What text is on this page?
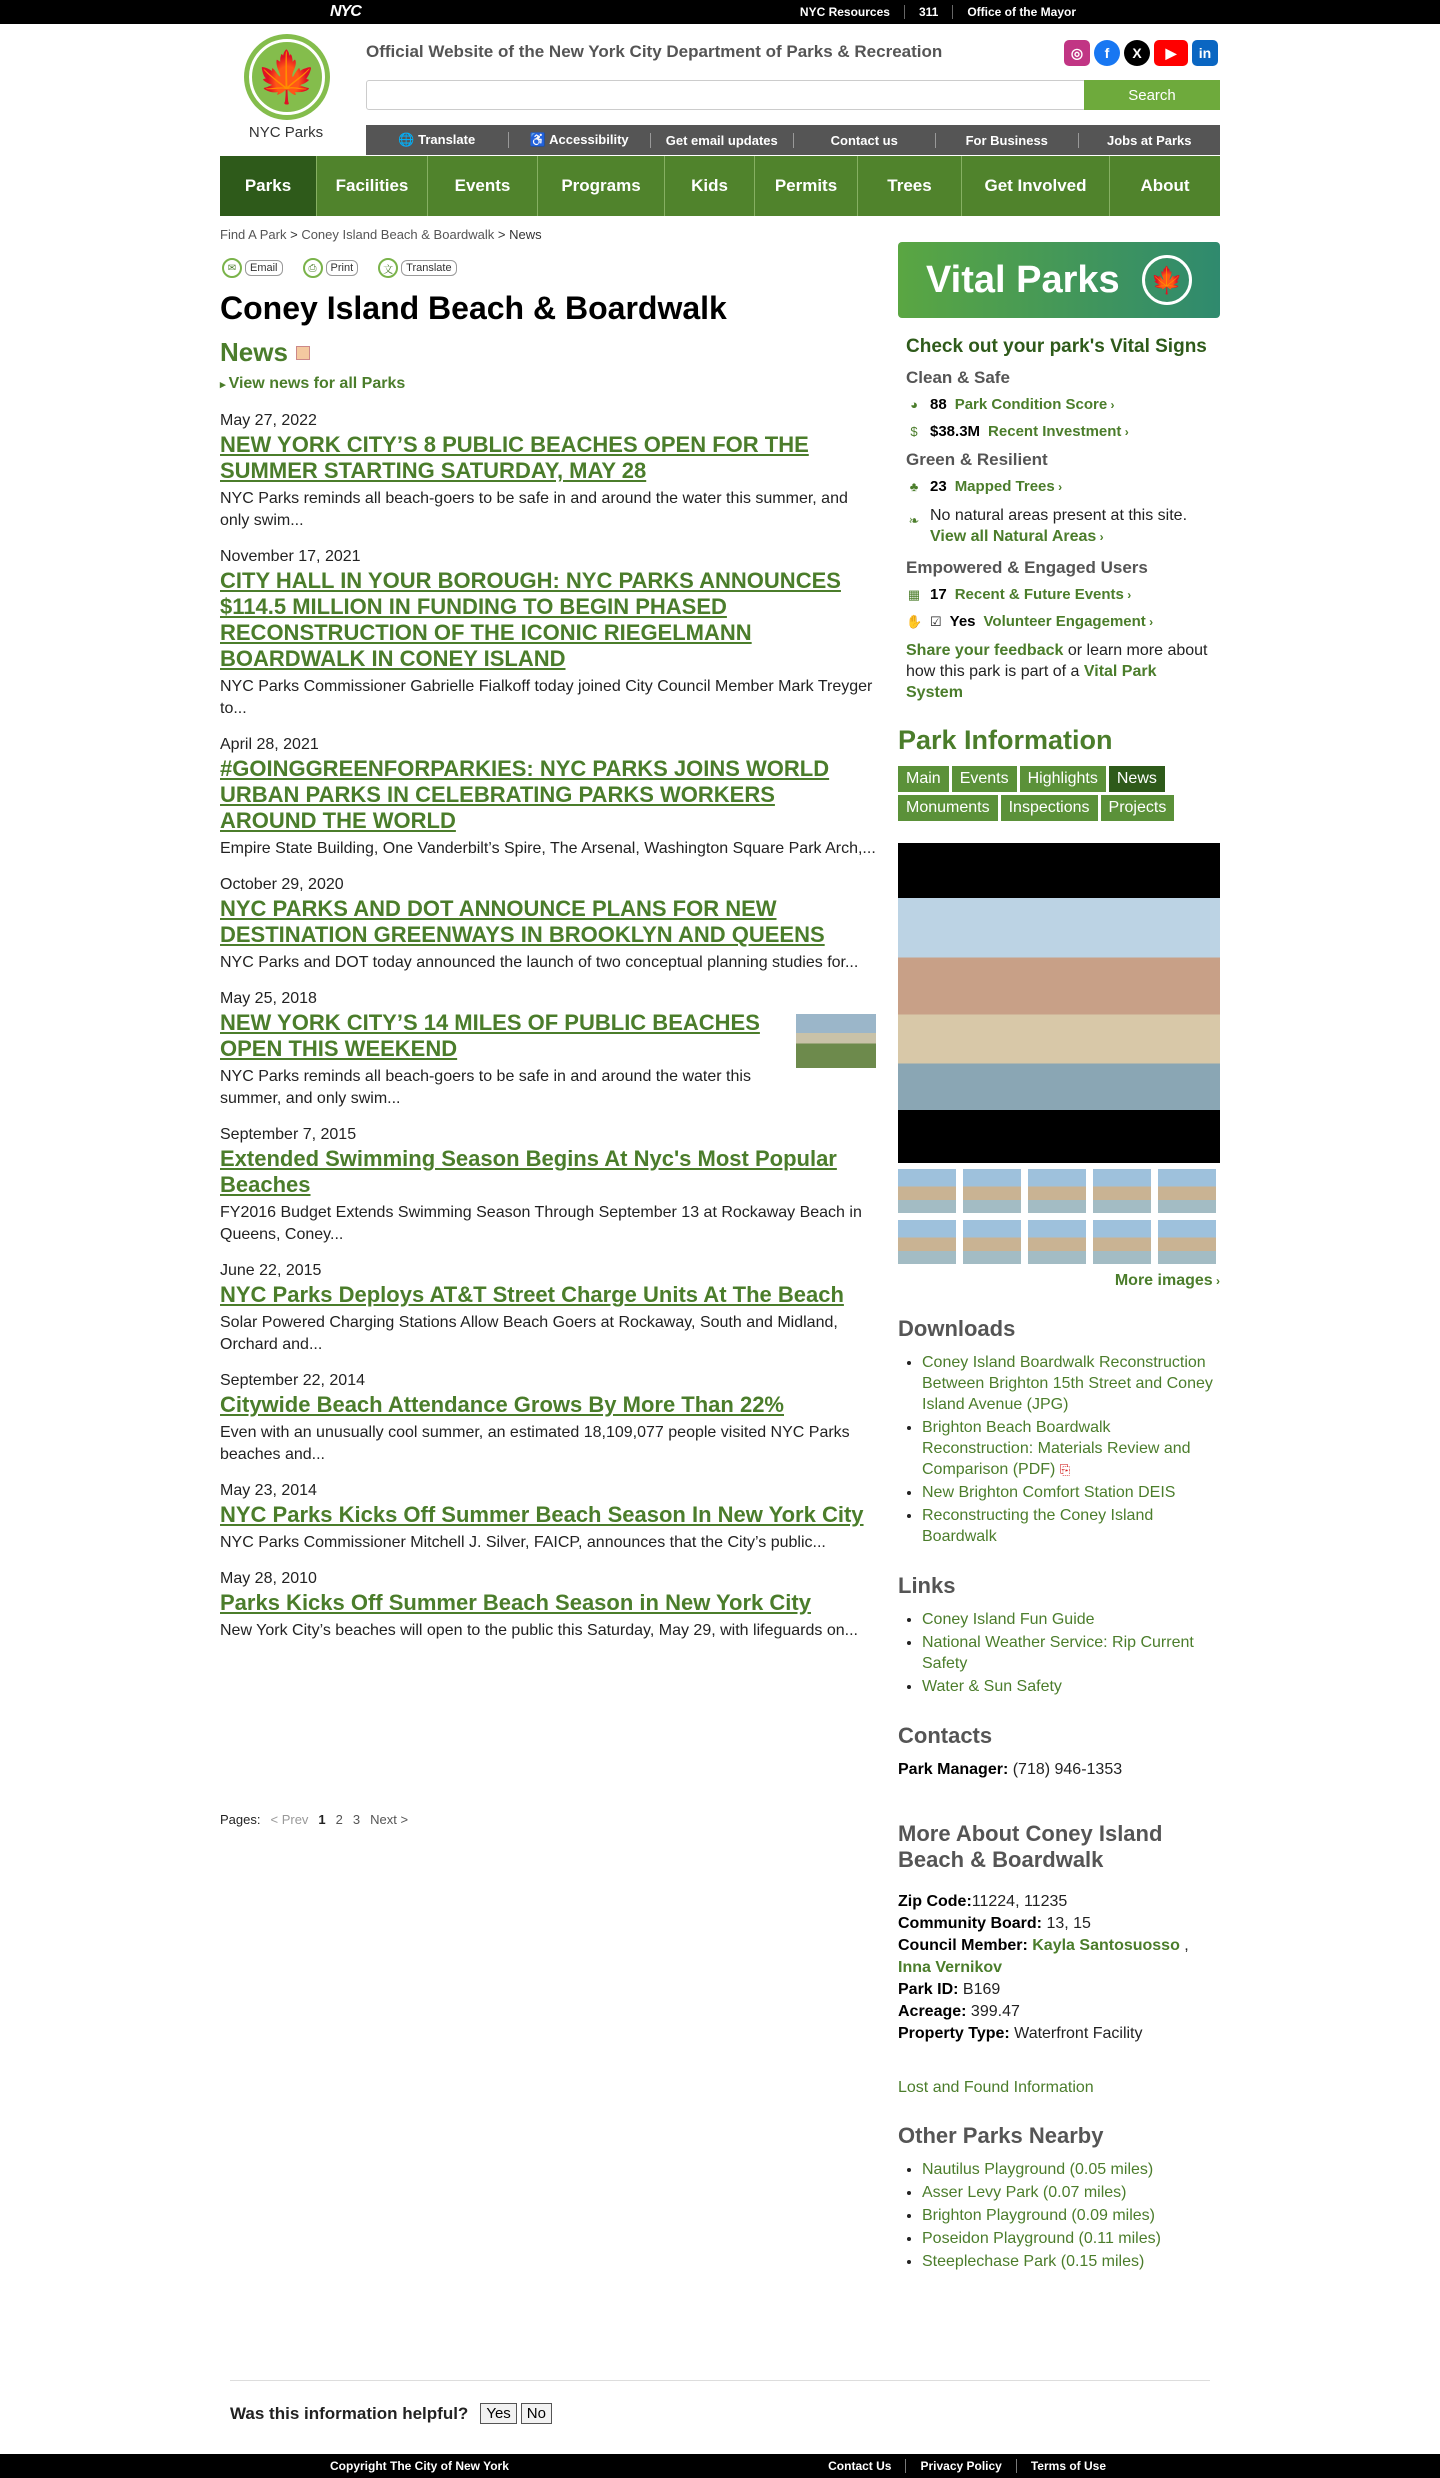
NYC	NYC Resources	311	Office of the Mayor
🍁
NYC Parks
Official Website of the New York City Department of Parks & Recreation	◎	f	X	▶	in
Search
🌐 Translate	♿ Accessibility	Get email updates	Contact us	For Business	Jobs at Parks
Parks	Facilities	Events	Programs	Kids	Permits	Trees	Get Involved	About
Find A Park > Coney Island Beach & Boardwalk > News
✉	Email	⎙	Print	文	Translate
Coney Island Beach & Boardwalk
News
▸ View news for all Parks
May 27, 2022
NEW YORK CITY’S 8 PUBLIC BEACHES OPEN FOR THE SUMMER STARTING SATURDAY, MAY 28
NYC Parks reminds all beach-goers to be safe in and around the water this summer, and only swim...
November 17, 2021
CITY HALL IN YOUR BOROUGH: NYC PARKS ANNOUNCES $114.5 MILLION IN FUNDING TO BEGIN PHASED RECONSTRUCTION OF THE ICONIC RIEGELMANN BOARDWALK IN CONEY ISLAND
NYC Parks Commissioner Gabrielle Fialkoff today joined City Council Member Mark Treyger to...
April 28, 2021
#GOINGGREENFORPARKIES: NYC PARKS JOINS WORLD URBAN PARKS IN CELEBRATING PARKS WORKERS AROUND THE WORLD
Empire State Building, One Vanderbilt’s Spire, The Arsenal, Washington Square Park Arch,...
October 29, 2020
NYC PARKS AND DOT ANNOUNCE PLANS FOR NEW DESTINATION GREENWAYS IN BROOKLYN AND QUEENS
NYC Parks and DOT today announced the launch of two conceptual planning studies for...
May 25, 2018
NEW YORK CITY’S 14 MILES OF PUBLIC BEACHES OPEN THIS WEEKEND
NYC Parks reminds all beach-goers to be safe in and around the water this summer, and only swim...
September 7, 2015
Extended Swimming Season Begins At Nyc's Most Popular Beaches
FY2016 Budget Extends Swimming Season Through September 13 at Rockaway Beach in Queens, Coney...
June 22, 2015
NYC Parks Deploys AT&T Street Charge Units At The Beach
Solar Powered Charging Stations Allow Beach Goers at Rockaway, South and Midland, Orchard and...
September 22, 2014
Citywide Beach Attendance Grows By More Than 22%
Even with an unusually cool summer, an estimated 18,109,077 people visited NYC Parks beaches and...
May 23, 2014
NYC Parks Kicks Off Summer Beach Season In New York City
NYC Parks Commissioner Mitchell J. Silver, FAICP, announces that the City’s public...
May 28, 2010
Parks Kicks Off Summer Beach Season in New York City
New York City’s beaches will open to the public this Saturday, May 29, with lifeguards on...
Pages: < Prev 1 2 3 Next >
Vital Parks	🍁
Check out your park's Vital Signs
Clean & Safe
◕ 88 Park Condition Score ›
$ $38.3M Recent Investment ›
Green & Resilient
♣ 23 Mapped Trees ›
❧ No natural areas present at this site.
View all Natural Areas ›
Empowered & Engaged Users
▦ 17 Recent & Future Events ›
✋ ☑ Yes Volunteer Engagement ›
Share your feedback or learn more about how this park is part of a Vital Park System
Park Information
Main	Events	Highlights	News
Monuments	Inspections	Projects
More images ›
Downloads
• Coney Island Boardwalk Reconstruction Between Brighton 15th Street and Coney Island Avenue (JPG)
• Brighton Beach Boardwalk Reconstruction: Materials Review and Comparison (PDF) ⎘
• New Brighton Comfort Station DEIS
• Reconstructing the Coney Island Boardwalk
Links
• Coney Island Fun Guide
• National Weather Service: Rip Current Safety
• Water & Sun Safety
Contacts
Park Manager: (718) 946-1353
More About Coney Island Beach & Boardwalk
Zip Code:11224, 11235
Community Board: 13, 15
Council Member: Kayla Santosuosso , Inna Vernikov
Park ID: B169
Acreage: 399.47
Property Type: Waterfront Facility
Lost and Found Information
Other Parks Nearby
• Nautilus Playground (0.05 miles)
• Asser Levy Park (0.07 miles)
• Brighton Playground (0.09 miles)
• Poseidon Playground (0.11 miles)
• Steeplechase Park (0.15 miles)
Was this information helpful?	Yes	No
Copyright The City of New York	Contact Us	Privacy Policy	Terms of Use
